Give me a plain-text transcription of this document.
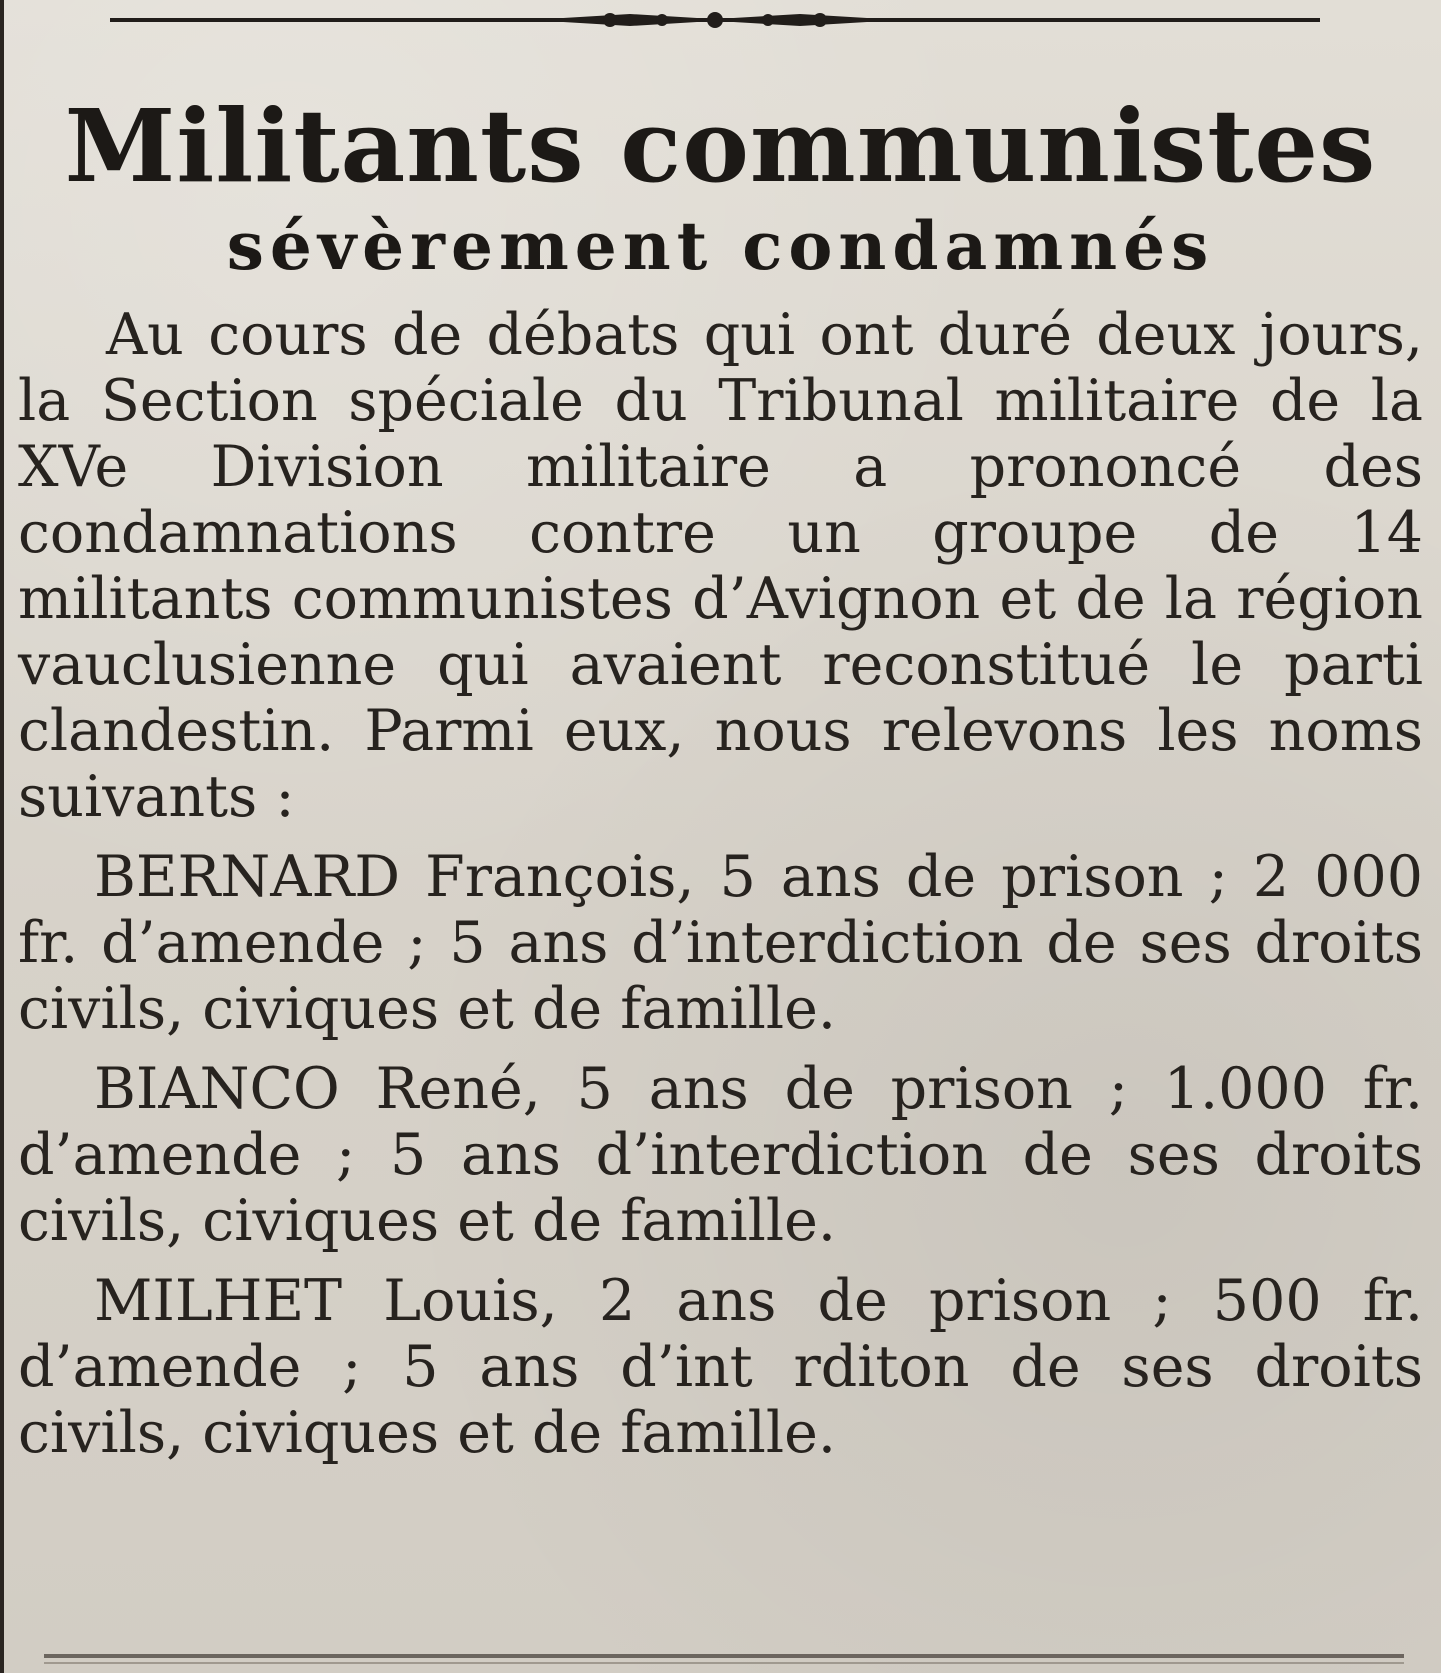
Militants communistes
sévèrement condamnés

Au cours de débats qui ont duré deux jours, la Section spéciale du Tribunal militaire de la XVe Division militaire a prononcé des condamnations contre un groupe de 14 militants communistes d’Avignon et de la région vauclusienne qui avaient reconstitué le parti clandestin. Parmi eux, nous relevons les noms suivants :

BERNARD François, 5 ans de prison ; 2 000 fr. d’amende ; 5 ans d’interdiction de ses droits civils, civiques et de famille.

BIANCO René, 5 ans de prison ; 1.000 fr. d’amende ; 5 ans d’interdiction de ses droits civils, civiques et de famille.

MILHET Louis, 2 ans de prison ; 500 fr. d’amende ; 5 ans d’int rditon de ses droits civils, civiques et de famille.
